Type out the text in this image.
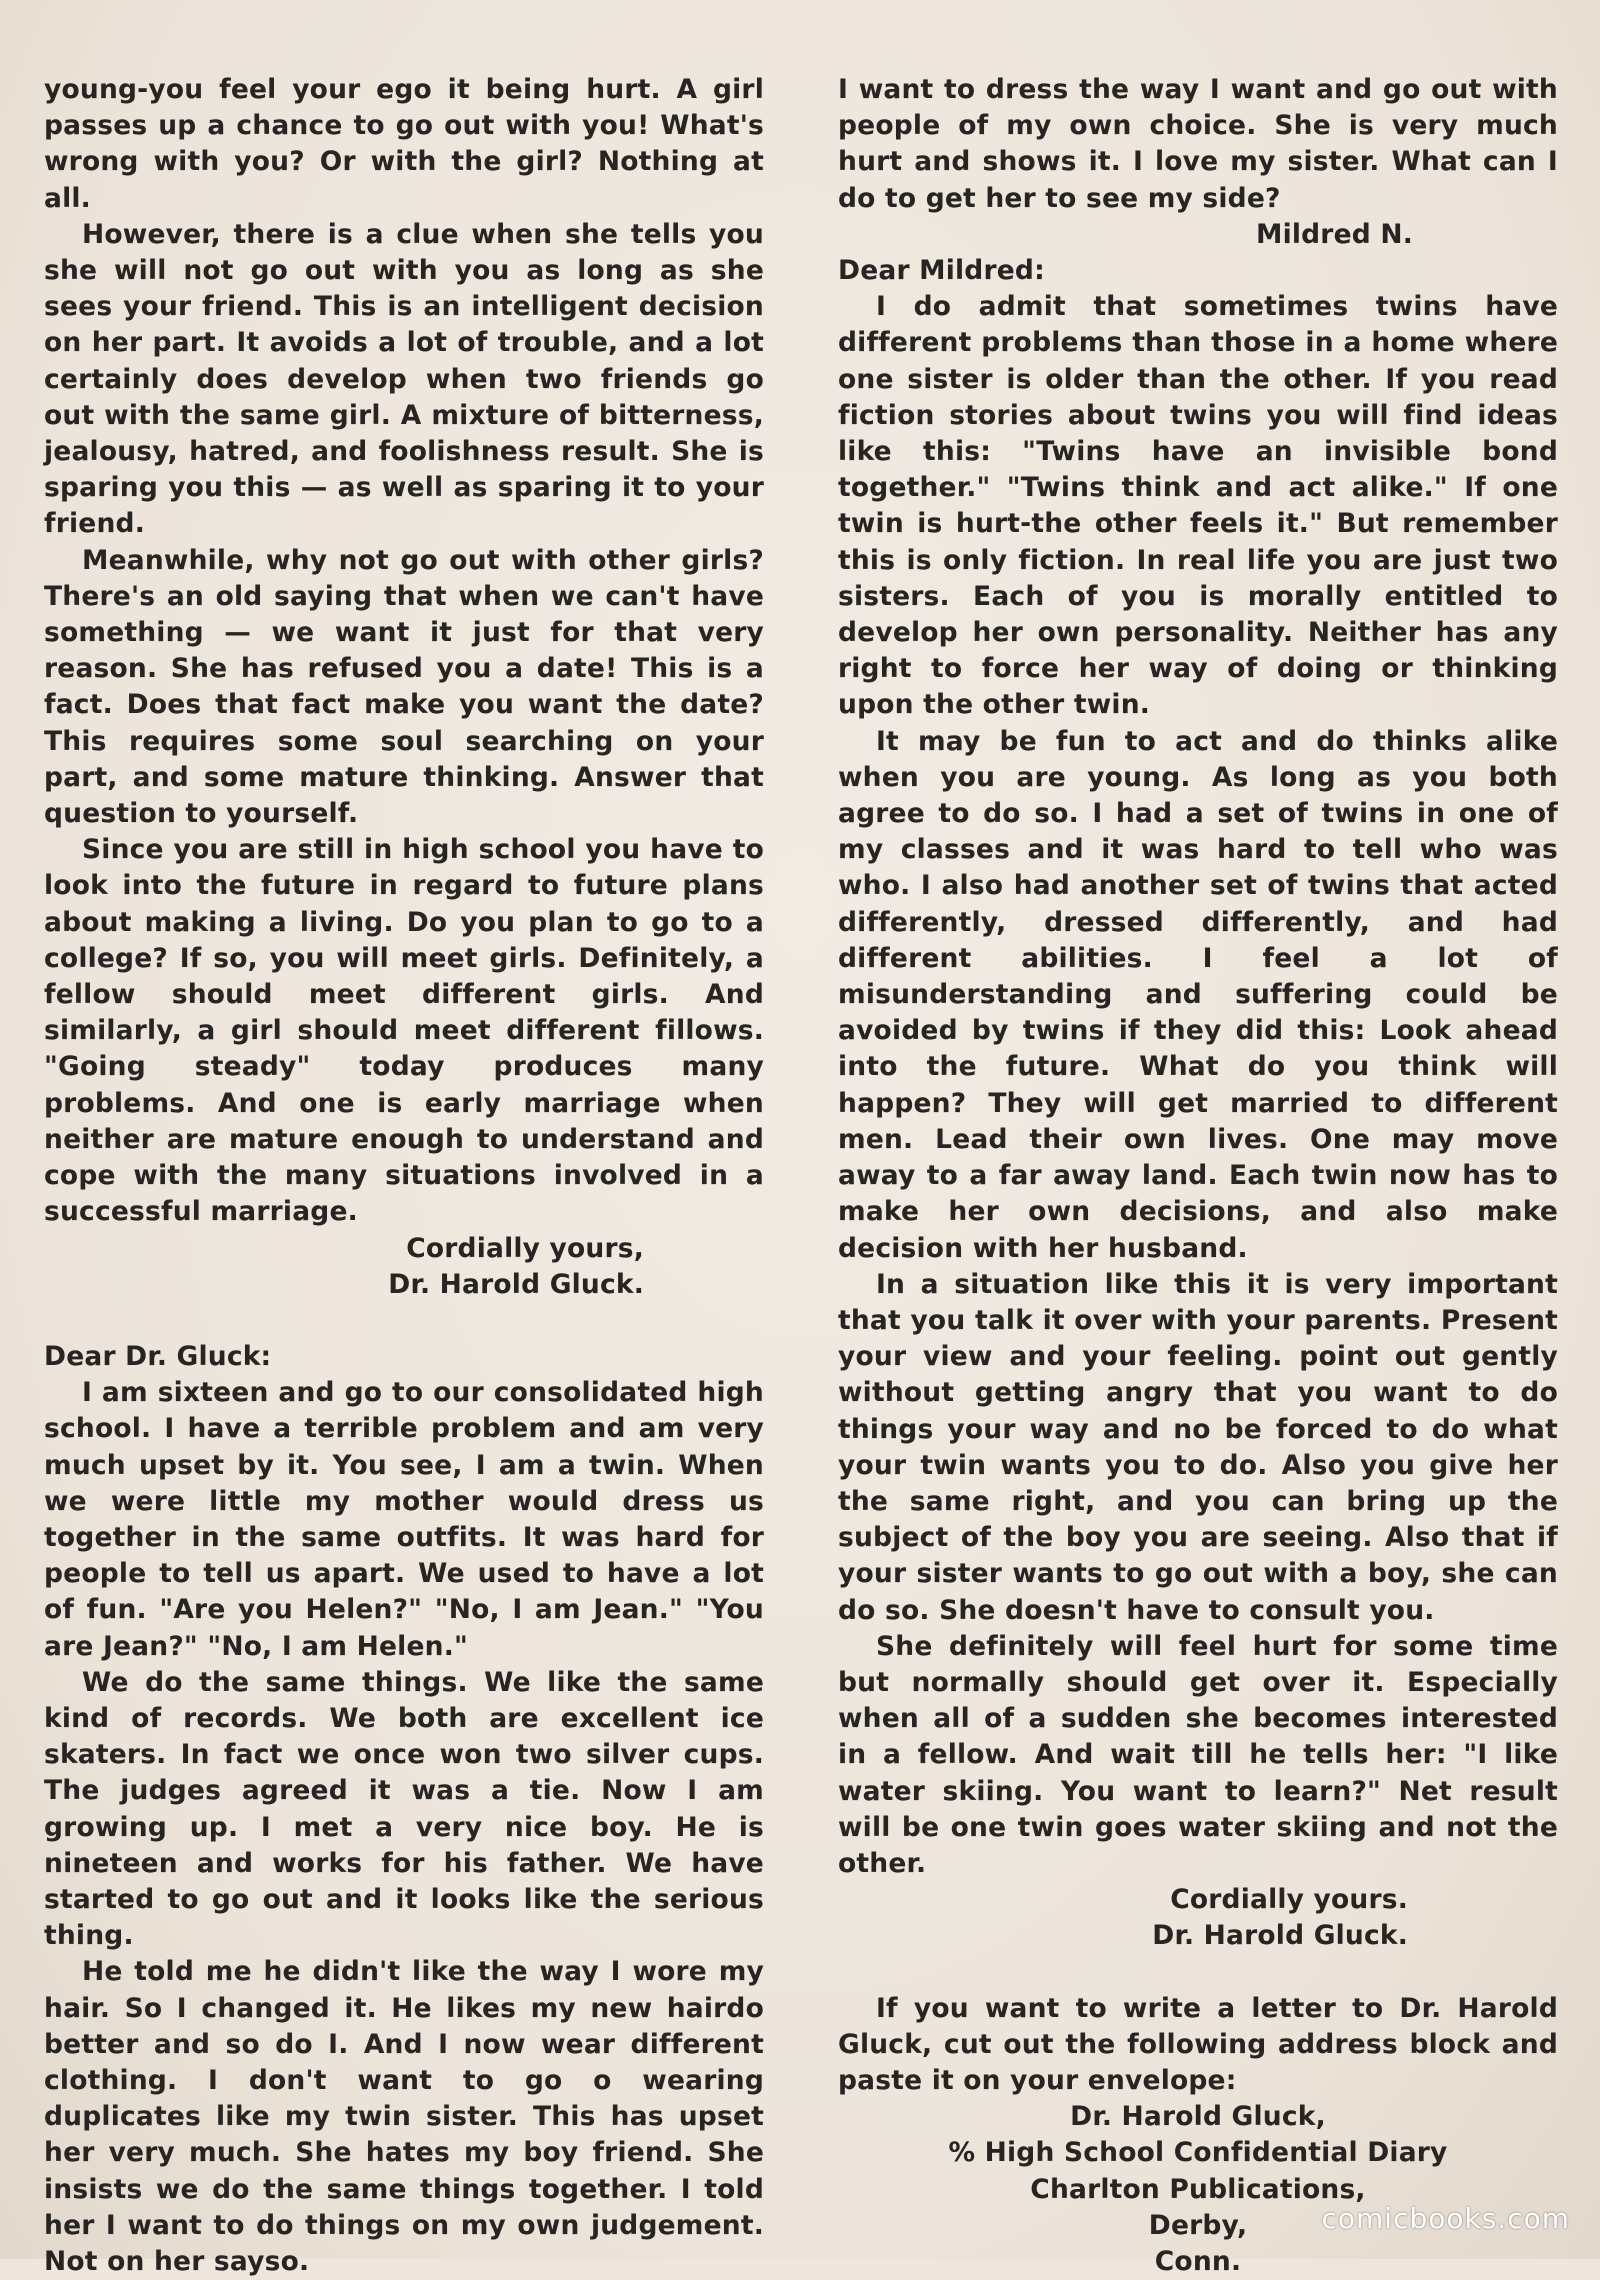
young-you feel your ego it being hurt. A girl passes up a chance to go out with you! What's wrong with you? Or with the girl? Nothing at all.

However, there is a clue when she tells you she will not go out with you as long as she sees your friend. This is an intelligent decision on her part. It avoids a lot of trouble, and a lot certainly does develop when two friends go out with the same girl. A mixture of bitterness, jealousy, hatred, and foolishness result. She is sparing you this — as well as sparing it to your friend.

Meanwhile, why not go out with other girls? There's an old saying that when we can't have something — we want it just for that very reason. She has refused you a date! This is a fact. Does that fact make you want the date? This requires some soul searching on your part, and some mature thinking. Answer that question to yourself.

Since you are still in high school you have to look into the future in regard to future plans about making a living. Do you plan to go to a college? If so, you will meet girls. Definitely, a fellow should meet different girls. And similarly, a girl should meet different fillows. "Going steady" today produces many problems. And one is early marriage when neither are mature enough to understand and cope with the many situations involved in a successful marriage.

Cordially yours,

Dr. Harold Gluck.

Dear Dr. Gluck:

I am sixteen and go to our consolidated high school. I have a terrible problem and am very much upset by it. You see, I am a twin. When we were little my mother would dress us together in the same outfits. It was hard for people to tell us apart. We used to have a lot of fun. "Are you Helen?" "No, I am Jean." "You are Jean?" "No, I am Helen."

We do the same things. We like the same kind of records. We both are excellent ice skaters. In fact we once won two silver cups. The judges agreed it was a tie. Now I am growing up. I met a very nice boy. He is nineteen and works for his father. We have started to go out and it looks like the serious thing.

He told me he didn't like the way I wore my hair. So I changed it. He likes my new hairdo better and so do I. And I now wear different clothing. I don't want to go o wearing duplicates like my twin sister. This has upset her very much. She hates my boy friend. She insists we do the same things together. I told her I want to do things on my own judgement. Not on her sayso.

I want to dress the way I want and go out with people of my own choice. She is very much hurt and shows it. I love my sister. What can I do to get her to see my side?

Mildred N.

Dear Mildred:

I do admit that sometimes twins have different problems than those in a home where one sister is older than the other. If you read fiction stories about twins you will find ideas like this: "Twins have an invisible bond together." "Twins think and act alike." If one twin is hurt-the other feels it." But remember this is only fiction. In real life you are just two sisters. Each of you is morally entitled to develop her own personality. Neither has any right to force her way of doing or thinking upon the other twin.

It may be fun to act and do thinks alike when you are young. As long as you both agree to do so. I had a set of twins in one of my classes and it was hard to tell who was who. I also had another set of twins that acted differently, dressed differently, and had different abilities. I feel a lot of misunderstanding and suffering could be avoided by twins if they did this: Look ahead into the future. What do you think will happen? They will get married to different men. Lead their own lives. One may move away to a far away land. Each twin now has to make her own decisions, and also make decision with her husband.

In a situation like this it is very important that you talk it over with your parents. Present your view and your feeling. point out gently without getting angry that you want to do things your way and no be forced to do what your twin wants you to do. Also you give her the same right, and you can bring up the subject of the boy you are seeing. Also that if your sister wants to go out with a boy, she can do so. She doesn't have to consult you.

She definitely will feel hurt for some time but normally should get over it. Especially when all of a sudden she becomes interested in a fellow. And wait till he tells her: "I like water skiing. You want to learn?" Net result will be one twin goes water skiing and not the other.

Cordially yours.

Dr. Harold Gluck.

If you want to write a letter to Dr. Harold Gluck, cut out the following address block and paste it on your envelope:

Dr. Harold Gluck,

% High School Confidential Diary

Charlton Publications,

Derby,

Conn.

comicbooks.com
